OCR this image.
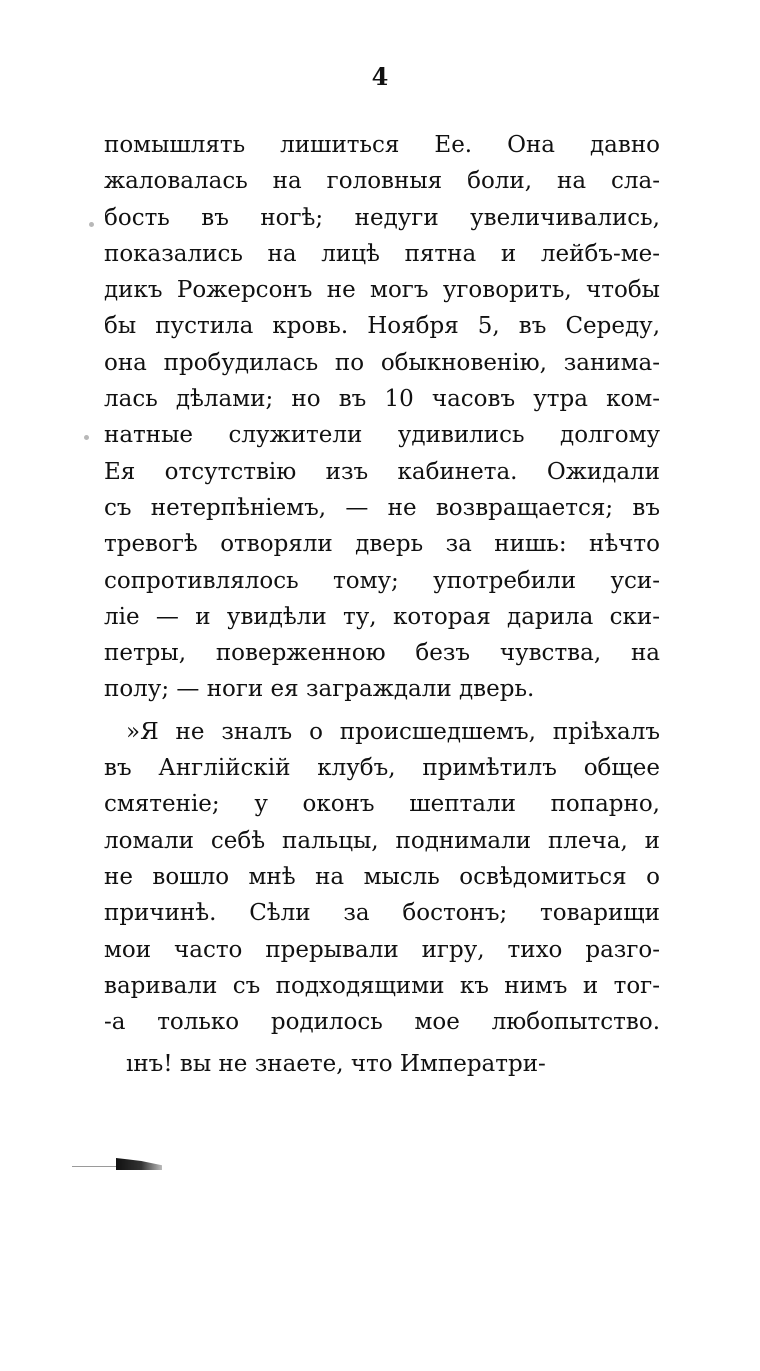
4
помышлять лишиться Ее. Она давно
жаловалась на головныя боли, на сла-
бость въ ногѣ; недуги увеличивались,
показались на лицѣ пятна и лейбъ-ме-
дикъ Рожерсонъ не могъ уговорить, чтобы
бы пустила кровь. Ноября 5, въ Середу,
она пробудилась по обыкновенію, занима-
лась дѣлами; но въ 10 часовъ утра ком-
натные служители удивились долгому
Ея отсутствію изъ кабинета. Ожидали
съ нетерпѣніемъ, — не возвращается; въ
тревогѣ отворяли дверь за нишь: нѣчто
сопротивлялось тому; употребили уси-
ліе — и увидѣли ту, которая дарила ски-
петры, поверженною безъ чувства, на
полу; — ноги ея заграждали дверь.
»Я не зналъ о происшедшемъ, пріѣхалъ
въ Англійскій клубъ, примѣтилъ общее
смятеніе; у оконъ шептали попарно,
ломали себѣ пальцы, поднимали плеча, и
не вошло мнѣ на мысль освѣдомиться о
причинѣ. Сѣли за бостонъ; товарищи
мои часто прерывали игру, тихо разго-
варивали съ подходящими къ нимъ и тог-
-а только родилось мое любопытство.
ıнъ! вы не знаете, что Императри-
